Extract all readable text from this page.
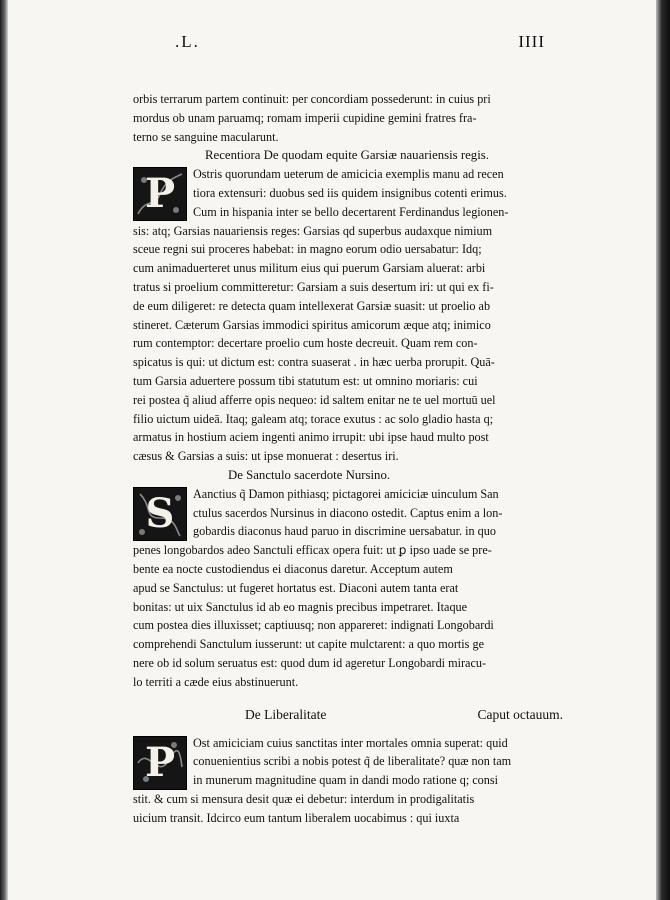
.L.	IIII
orbis terrarum partem continuit: per concordiam possederunt: in cuius pri
mordus ob unam paruamq; romam imperii cupidine gemini fratres fra-
terno se sanguine macularunt.
Recentiora De quodam equite Garsiæ nauariensis regis.
P	Ostris quorundam ueterum de amicicia exemplis manu ad recen
tiora extensuri: duobus sed iis quidem insignibus cotenti erimus.
Cum in hispania inter se bello decertarent Ferdinandus legionen-
sis: atq; Garsias nauariensis reges: Garsias qd superbus audaxque nimium
sceue regni sui proceres habebat: in magno eorum odio uersabatur: Idq;
cum animaduerteret unus militum eius qui puerum Garsiam aluerat: arbi
tratus si proelium committeretur: Garsiam a suis desertum iri: ut qui ex fi-
de eum diligeret: re detecta quam intellexerat Garsiæ suasit: ut proelio ab
stineret. Cæterum Garsias immodici spiritus amicorum æque atq; inimico
rum contemptor: decertare proelio cum hoste decreuit. Quam rem con-
spicatus is qui: ut dictum est: contra suaserat . in hæc uerba prorupit. Quā-
tum Garsia aduertere possum tibi statutum est: ut omnino moriaris: cui
rei postea q̃ aliud afferre opis nequeo: id saltem enitar ne te uel mortuū uel
filio uictum uideā. Itaq; galeam atq; torace exutus : ac solo gladio hasta q;
armatus in hostium aciem ingenti animo irrupit: ubi ipse haud multo post
cæsus & Garsias a suis: ut ipse monuerat : desertus iri.
De Sanctulo sacerdote Nursino.
S	Aanctius q̃ Damon pithiasq; pictagorei amiciciæ uinculum San
ctulus sacerdos Nursinus in diacono ostedit. Captus enim a lon-
gobardis diaconus haud paruo in discrimine uersabatur. in quo
penes longobardos adeo Sanctuli efficax opera fuit: ut ꝑ ipso uade se pre-
bente ea nocte custodiendus ei diaconus daretur. Acceptum autem
apud se Sanctulus: ut fugeret hortatus est. Diaconi autem tanta erat
bonitas: ut uix Sanctulus id ab eo magnis precibus impetraret. Itaque
cum postea dies illuxisset; captiuusq; non appareret: indignati Longobardi
comprehendi Sanctulum iusserunt: ut capite mulctarent: a quo mortis ge
nere ob id solum seruatus est: quod dum id ageretur Longobardi miracu-
lo territi a cæde eius abstinuerunt.
De Liberalitate	Caput octauum.
P	Ost amiciciam cuius sanctitas inter mortales omnia superat: quid
conuenientius scribi a nobis potest q̃ de liberalitate? quæ non tam
in munerum magnitudine quam in dandi modo ratione q; consi
stit. & cum si mensura desit quæ ei debetur: interdum in prodigalitatis
uicium transit. Idcirco eum tantum liberalem uocabimus : qui iuxta
